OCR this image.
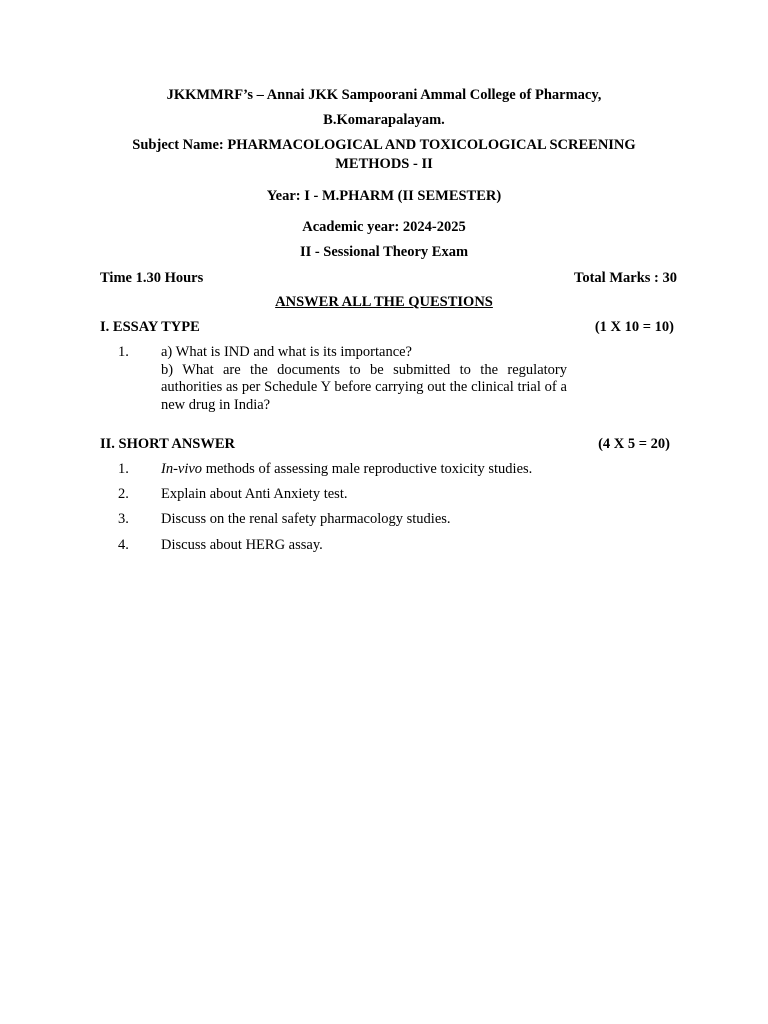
JKKMMRF’s – Annai JKK Sampoorani Ammal College of Pharmacy,
B.Komarapalayam.
Subject Name: PHARMACOLOGICAL AND TOXICOLOGICAL SCREENING
METHODS - II
Year: I - M.PHARM (II SEMESTER)
Academic year: 2024-2025
II - Sessional Theory Exam
Time 1.30 Hours	Total Marks : 30
ANSWER ALL THE QUESTIONS
I. ESSAY TYPE	(1 X 10 = 10)
1. a) What is IND and what is its importance?
b) What are the documents to be submitted to the regulatory authorities as per Schedule Y before carrying out the clinical trial of a new drug in India?
II. SHORT ANSWER	(4 X 5 = 20)
1. In-vivo methods of assessing male reproductive toxicity studies.
2. Explain about Anti Anxiety test.
3. Discuss on the renal safety pharmacology studies.
4. Discuss about HERG assay.
